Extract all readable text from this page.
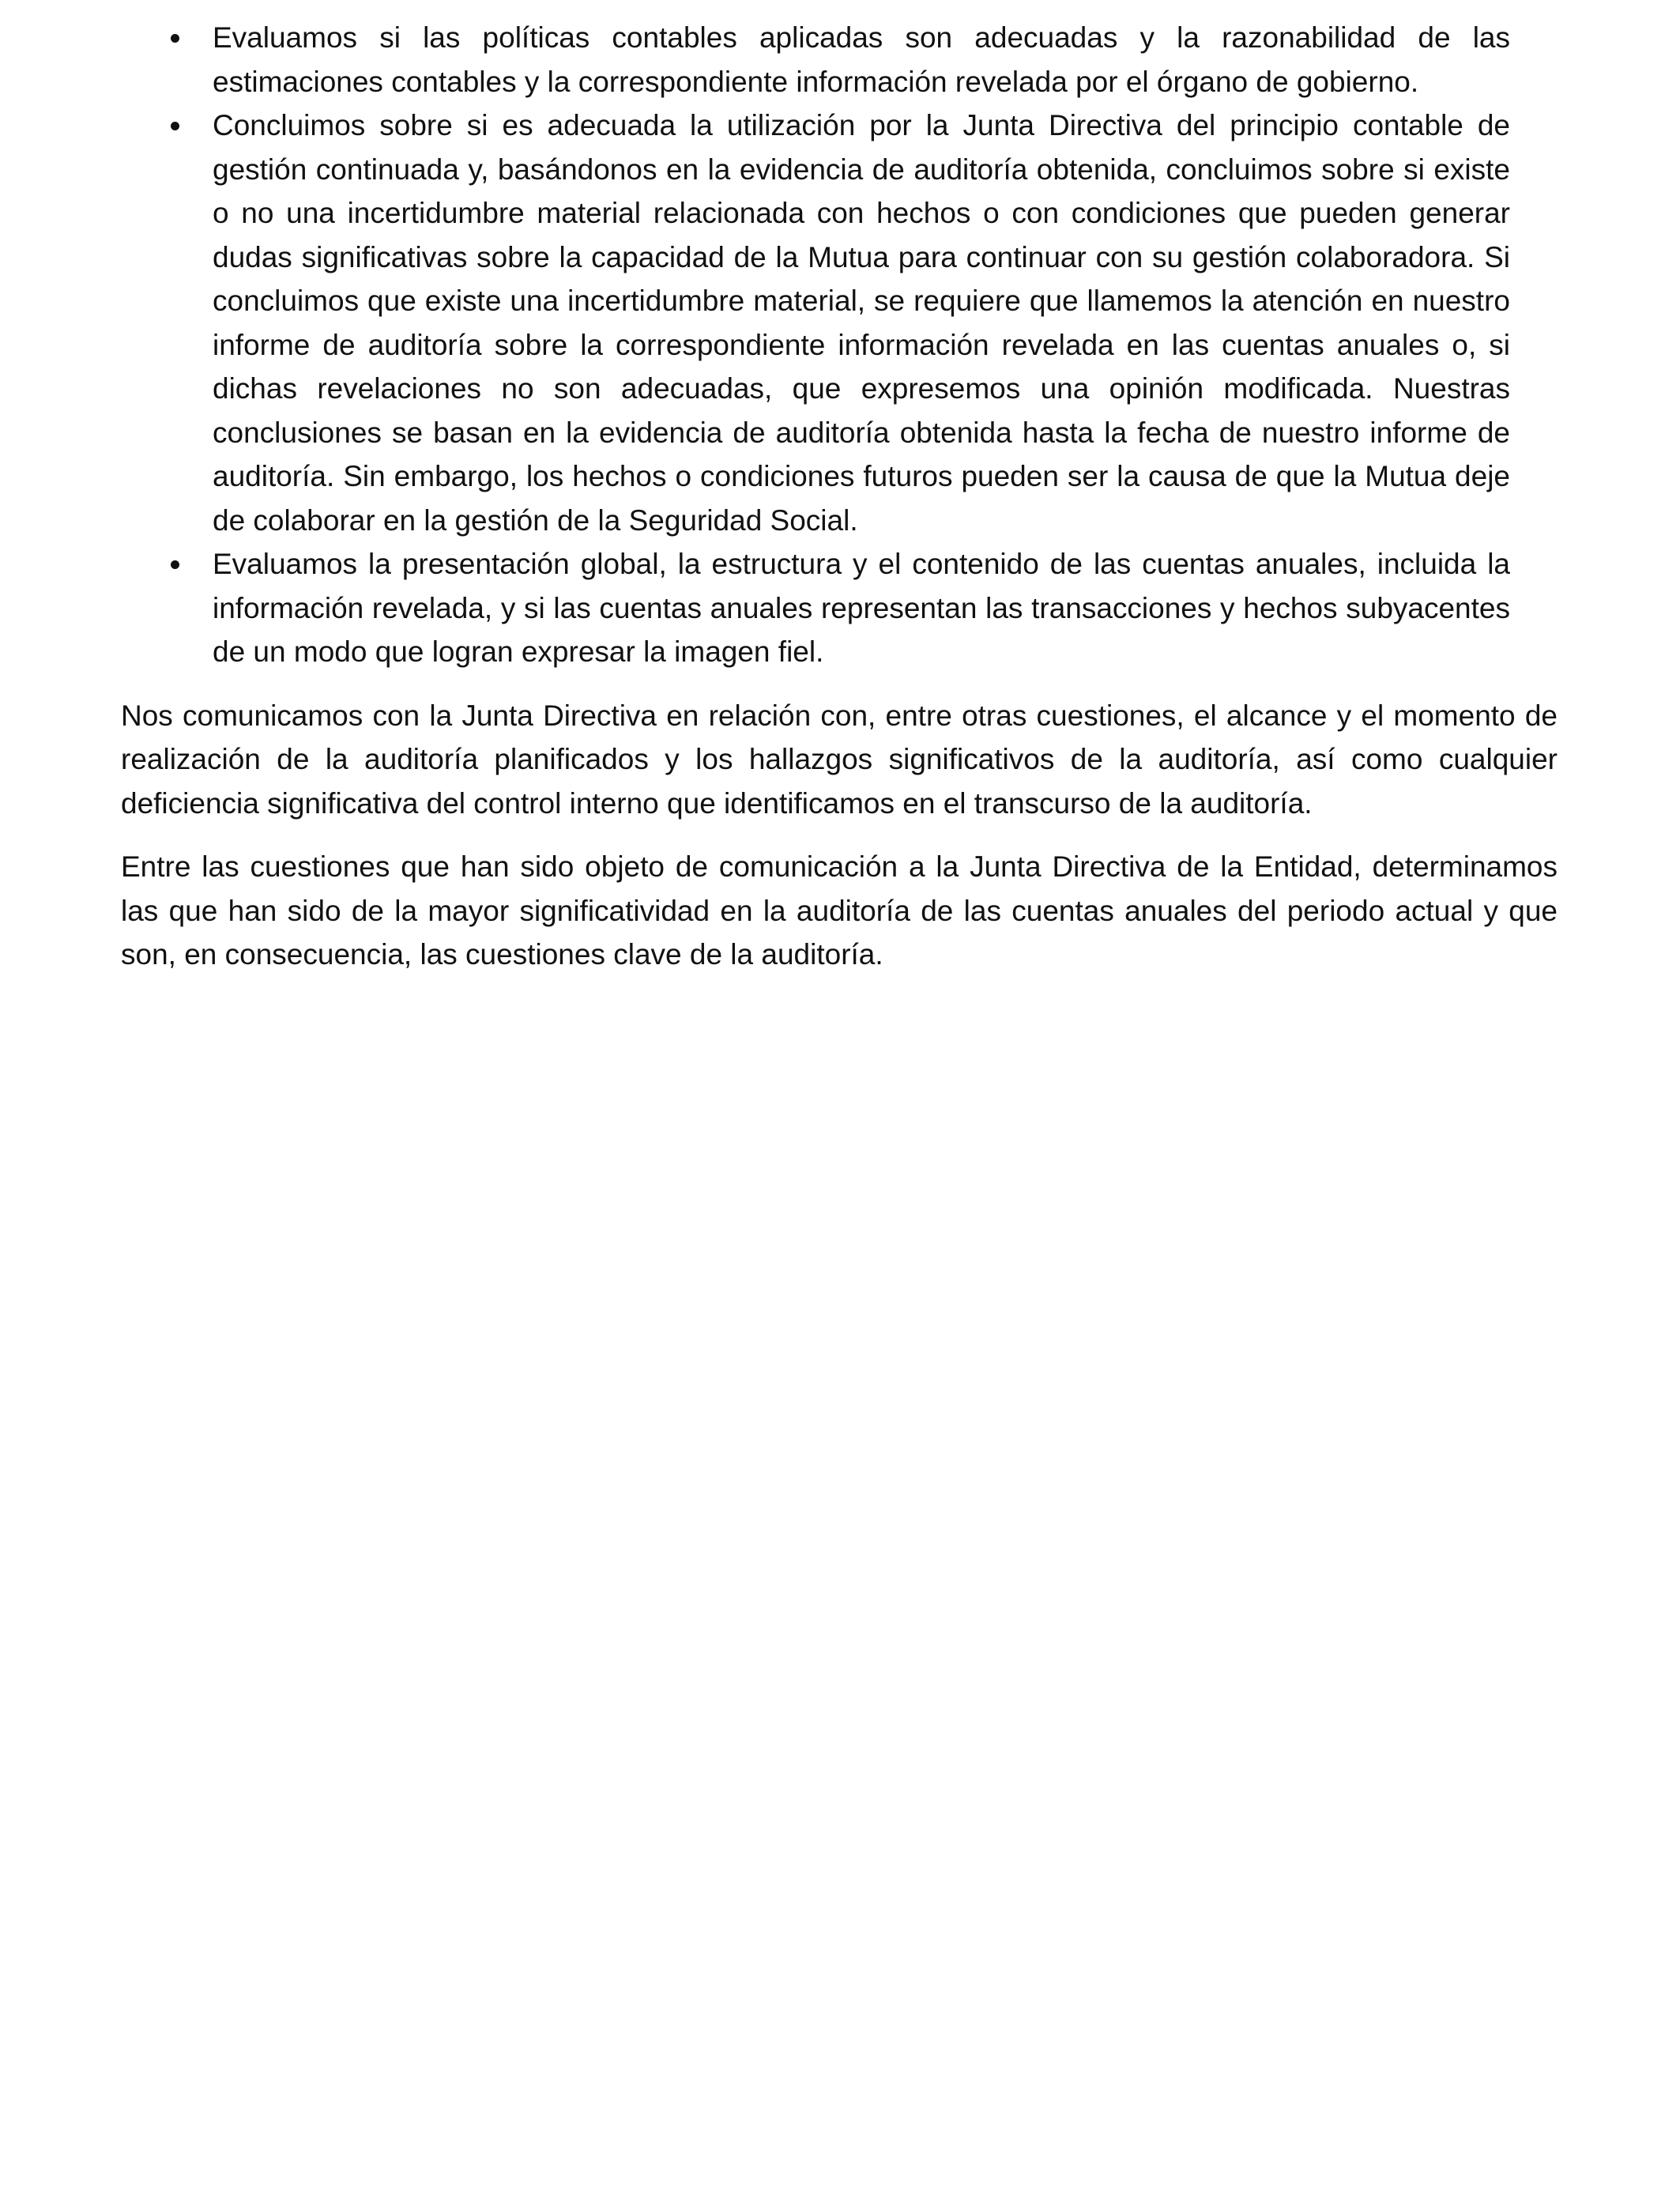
Evaluamos si las políticas contables aplicadas son adecuadas y la razonabilidad de las estimaciones contables y la correspondiente información revelada por el órgano de gobierno.
Concluimos sobre si es adecuada la utilización por la Junta Directiva del principio contable de gestión continuada y, basándonos en la evidencia de auditoría obtenida, concluimos sobre si existe o no una incertidumbre material relacionada con hechos o con condiciones que pueden generar dudas significativas sobre la capacidad de la Mutua para continuar con su gestión colaboradora. Si concluimos que existe una incertidumbre material, se requiere que llamemos la atención en nuestro informe de auditoría sobre la correspondiente información revelada en las cuentas anuales o, si dichas revelaciones no son adecuadas, que expresemos una opinión modificada. Nuestras conclusiones se basan en la evidencia de auditoría obtenida hasta la fecha de nuestro informe de auditoría. Sin embargo, los hechos o condiciones futuros pueden ser la causa de que la Mutua deje de colaborar en la gestión de la Seguridad Social.
Evaluamos la presentación global, la estructura y el contenido de las cuentas anuales, incluida la información revelada, y si las cuentas anuales representan las transacciones y hechos subyacentes de un modo que logran expresar la imagen fiel.

Nos comunicamos con la Junta Directiva en relación con, entre otras cuestiones, el alcance y el momento de realización de la auditoría planificados y los hallazgos significativos de la auditoría, así como cualquier deficiencia significativa del control interno que identificamos en el transcurso de la auditoría.

Entre las cuestiones que han sido objeto de comunicación a la Junta Directiva de la Entidad, determinamos las que han sido de la mayor significatividad en la auditoría de las cuentas anuales del periodo actual y que son, en consecuencia, las cuestiones clave de la auditoría.
